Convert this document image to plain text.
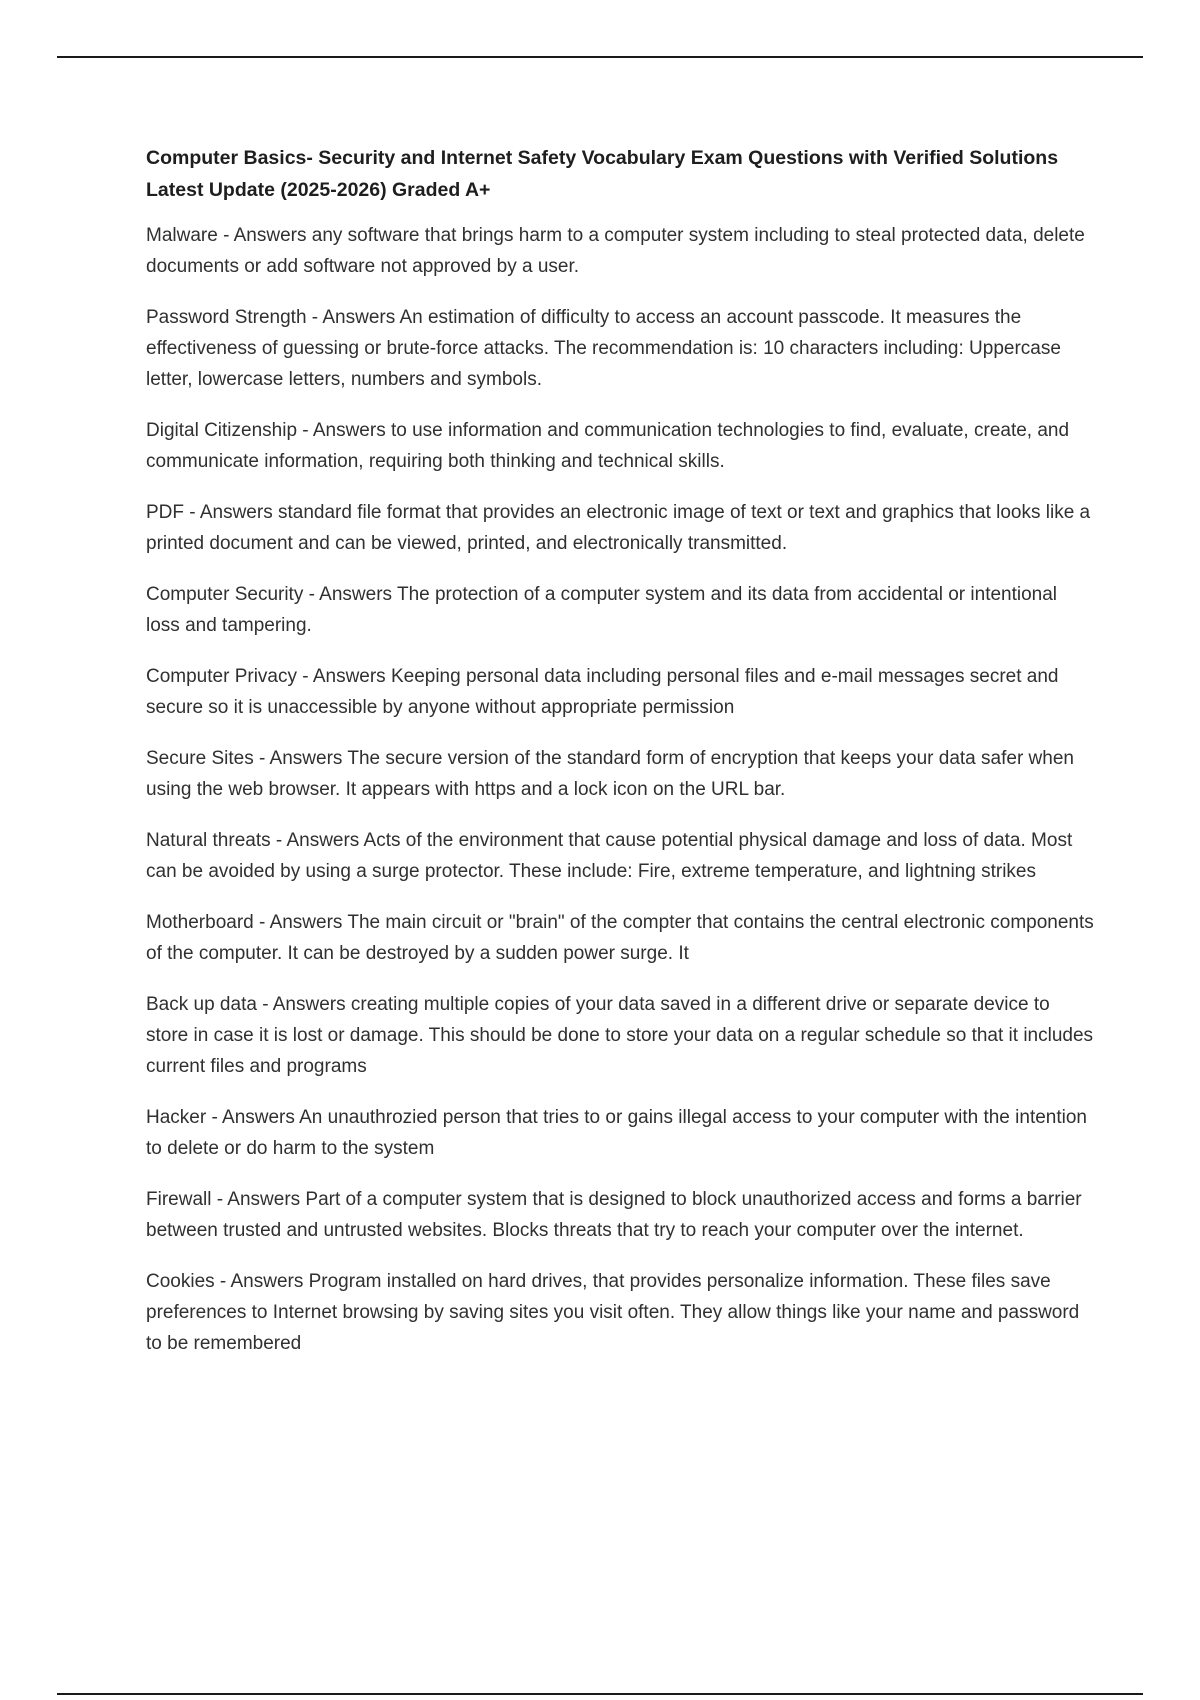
Computer Basics- Security and Internet Safety Vocabulary Exam Questions with Verified Solutions Latest Update (2025-2026) Graded A+
Malware - Answers any software that brings harm to a computer system including to steal protected data, delete documents or add software not approved by a user.
Password Strength - Answers An estimation of difficulty to access an account passcode. It measures the effectiveness of guessing or brute-force attacks. The recommendation is: 10 characters including: Uppercase letter, lowercase letters, numbers and symbols.
Digital Citizenship - Answers to use information and communication technologies to find, evaluate, create, and communicate information, requiring both thinking and technical skills.
PDF - Answers standard file format that provides an electronic image of text or text and graphics that looks like a printed document and can be viewed, printed, and electronically transmitted.
Computer Security - Answers The protection of a computer system and its data from accidental or intentional loss and tampering.
Computer Privacy - Answers Keeping personal data including personal files and e-mail messages secret and secure so it is unaccessible by anyone without appropriate permission
Secure Sites - Answers The secure version of the standard form of encryption that keeps your data safer when using the web browser. It appears with https and a lock icon on the URL bar.
Natural threats - Answers Acts of the environment that cause potential physical damage and loss of data. Most can be avoided by using a surge protector. These include: Fire, extreme temperature, and lightning strikes
Motherboard - Answers The main circuit or "brain" of the compter that contains the central electronic components of the computer. It can be destroyed by a sudden power surge. It
Back up data - Answers creating multiple copies of your data saved in a different drive or separate device to store in case it is lost or damage. This should be done to store your data on a regular schedule so that it includes current files and programs
Hacker - Answers An unauthrozied person that tries to or gains illegal access to your computer with the intention to delete or do harm to the system
Firewall - Answers Part of a computer system that is designed to block unauthorized access and forms a barrier between trusted and untrusted websites. Blocks threats that try to reach your computer over the internet.
Cookies - Answers Program installed on hard drives, that provides personalize information. These files save preferences to Internet browsing by saving sites you visit often. They allow things like your name and password to be remembered
